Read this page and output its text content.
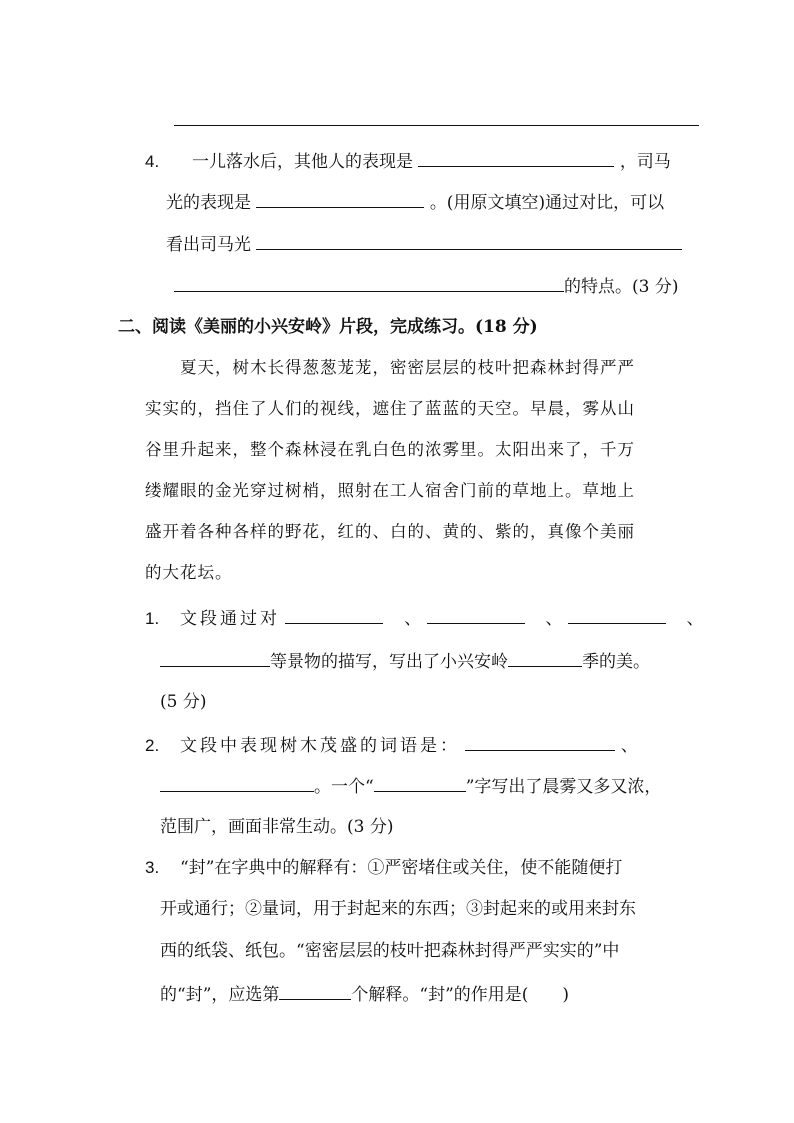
4. 一儿落水后，其他人的表现是	，司马
光的表现是	。(用原文填空)通过对比，可以
看出司马光
的特点。(3 分)
二、阅读《美丽的小兴安岭》片段，完成练习。(18 分)
夏天，树木长得葱葱茏茏，密密层层的枝叶把森林封得严严
实实的，挡住了人们的视线，遮住了蓝蓝的天空。早晨，雾从山
谷里升起来，整个森林浸在乳白色的浓雾里。太阳出来了，千万
缕耀眼的金光穿过树梢，照射在工人宿舍门前的草地上。草地上
盛开着各种各样的野花，红的、白的、黄的、紫的，真像个美丽
的大花坛。
1. 文段通过对	、	、	、
等景物的描写，写出了小兴安岭	季的美。
(5 分)
2. 文段中表现树木茂盛的词语是：	、
。一个“	”字写出了晨雾又多又浓，
范围广，画面非常生动。(3 分)
3. “封”在字典中的解释有：①严密堵住或关住，使不能随便打
开或通行；②量词，用于封起来的东西；③封起来的或用来封东
西的纸袋、纸包。“密密层层的枝叶把森林封得严严实实的”中
的“封”，应选第	个解释。“封”的作用是(　　)
